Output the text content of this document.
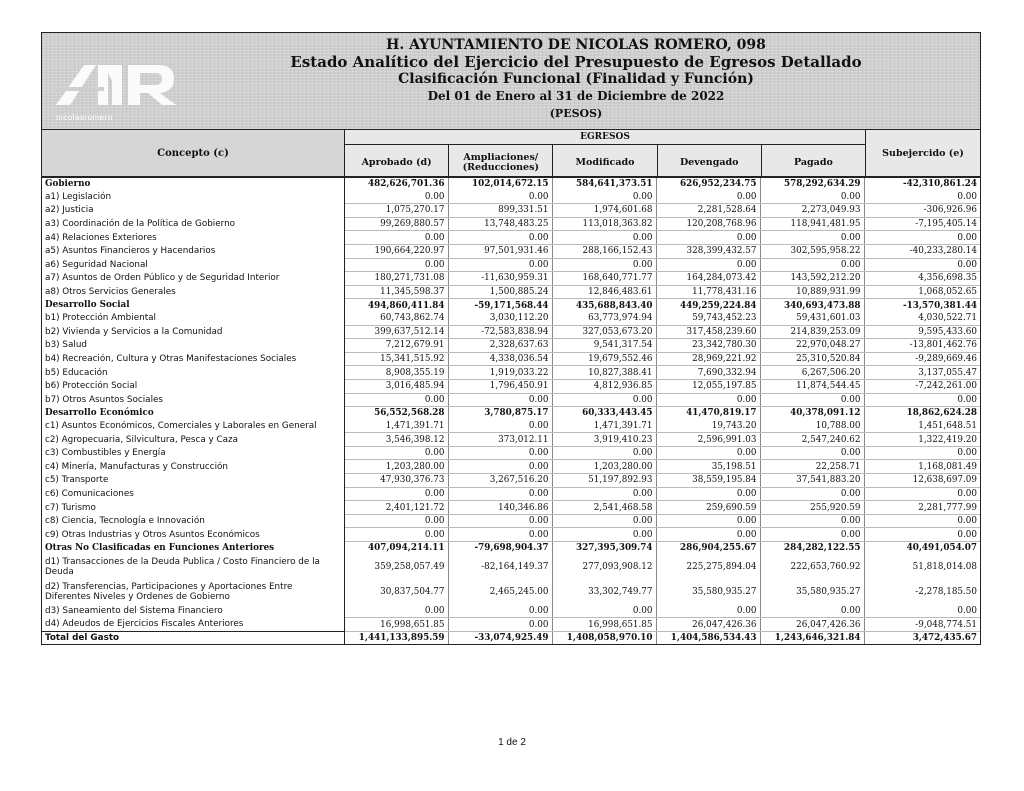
nicolasromero
H. AYUNTAMIENTO DE NICOLAS ROMERO, 098
Estado Analítico del Ejercicio del Presupuesto de Egresos Detallado
Clasificación Funcional (Finalidad y Función)
Del 01 de Enero al 31 de Diciembre de 2022
(PESOS)
Concepto (c)
EGRESOS
Aprobado (d)	Ampliaciones/ (Reducciones)	Modificado	Devengado	Pagado
Subejercido (e)
Gobierno	482,626,701.36	102,014,672.15	584,641,373.51	626,952,234.75	578,292,634.29	-42,310,861.24
a1) Legislación	0.00	0.00	0.00	0.00	0.00	0.00
a2) Justicia	1,075,270.17	899,331.51	1,974,601.68	2,281,528.64	2,273,049.93	-306,926.96
a3) Coordinación de la Política de Gobierno	99,269,880.57	13,748,483.25	113,018,363.82	120,208,768.96	118,941,481.95	-7,195,405.14
a4) Relaciones Exteriores	0.00	0.00	0.00	0.00	0.00	0.00
a5) Asuntos Financieros y Hacendarios	190,664,220.97	97,501,931.46	288,166,152.43	328,399,432.57	302,595,958.22	-40,233,280.14
a6) Seguridad Nacional	0.00	0.00	0.00	0.00	0.00	0.00
a7) Asuntos de Orden Público y de Seguridad Interior	180,271,731.08	-11,630,959.31	168,640,771.77	164,284,073.42	143,592,212.20	4,356,698.35
a8) Otros Servicios Generales	11,345,598.37	1,500,885.24	12,846,483.61	11,778,431.16	10,889,931.99	1,068,052.65
Desarrollo Social	494,860,411.84	-59,171,568.44	435,688,843.40	449,259,224.84	340,693,473.88	-13,570,381.44
b1) Protección Ambiental	60,743,862.74	3,030,112.20	63,773,974.94	59,743,452.23	59,431,601.03	4,030,522.71
b2) Vivienda y Servicios a la Comunidad	399,637,512.14	-72,583,838.94	327,053,673.20	317,458,239.60	214,839,253.09	9,595,433.60
b3) Salud	7,212,679.91	2,328,637.63	9,541,317.54	23,342,780.30	22,970,048.27	-13,801,462.76
b4) Recreación, Cultura y Otras Manifestaciones Sociales	15,341,515.92	4,338,036.54	19,679,552.46	28,969,221.92	25,310,520.84	-9,289,669.46
b5) Educación	8,908,355.19	1,919,033.22	10,827,388.41	7,690,332.94	6,267,506.20	3,137,055.47
b6) Protección Social	3,016,485.94	1,796,450.91	4,812,936.85	12,055,197.85	11,874,544.45	-7,242,261.00
b7) Otros Asuntos Sociales	0.00	0.00	0.00	0.00	0.00	0.00
Desarrollo Económico	56,552,568.28	3,780,875.17	60,333,443.45	41,470,819.17	40,378,091.12	18,862,624.28
c1) Asuntos Económicos, Comerciales y Laborales en General	1,471,391.71	0.00	1,471,391.71	19,743.20	10,788.00	1,451,648.51
c2) Agropecuaria, Silvicultura, Pesca y Caza	3,546,398.12	373,012.11	3,919,410.23	2,596,991.03	2,547,240.62	1,322,419.20
c3) Combustibles y Energía	0.00	0.00	0.00	0.00	0.00	0.00
c4) Minería, Manufacturas y Construcción	1,203,280.00	0.00	1,203,280.00	35,198.51	22,258.71	1,168,081.49
c5) Transporte	47,930,376.73	3,267,516.20	51,197,892.93	38,559,195.84	37,541,883.20	12,638,697.09
c6) Comunicaciones	0.00	0.00	0.00	0.00	0.00	0.00
c7) Turismo	2,401,121.72	140,346.86	2,541,468.58	259,690.59	255,920.59	2,281,777.99
c8) Ciencia, Tecnología e Innovación	0.00	0.00	0.00	0.00	0.00	0.00
c9) Otras Industrias y Otros Asuntos Económicos	0.00	0.00	0.00	0.00	0.00	0.00
Otras No Clasificadas en Funciones Anteriores	407,094,214.11	-79,698,904.37	327,395,309.74	286,904,255.67	284,282,122.55	40,491,054.07
d1) Transacciones de la Deuda Publica / Costo Financiero de la Deuda	359,258,057.49	-82,164,149.37	277,093,908.12	225,275,894.04	222,653,760.92	51,818,014.08
d2) Transferencias, Participaciones y Aportaciones Entre Diferentes Niveles y Ordenes de Gobierno	30,837,504.77	2,465,245.00	33,302,749.77	35,580,935.27	35,580,935.27	-2,278,185.50
d3) Saneamiento del Sistema Financiero	0.00	0.00	0.00	0.00	0.00	0.00
d4) Adeudos de Ejercicios Fiscales Anteriores	16,998,651.85	0.00	16,998,651.85	26,047,426.36	26,047,426.36	-9,048,774.51
Total del Gasto	1,441,133,895.59	-33,074,925.49	1,408,058,970.10	1,404,586,534.43	1,243,646,321.84	3,472,435.67
1 de 2
